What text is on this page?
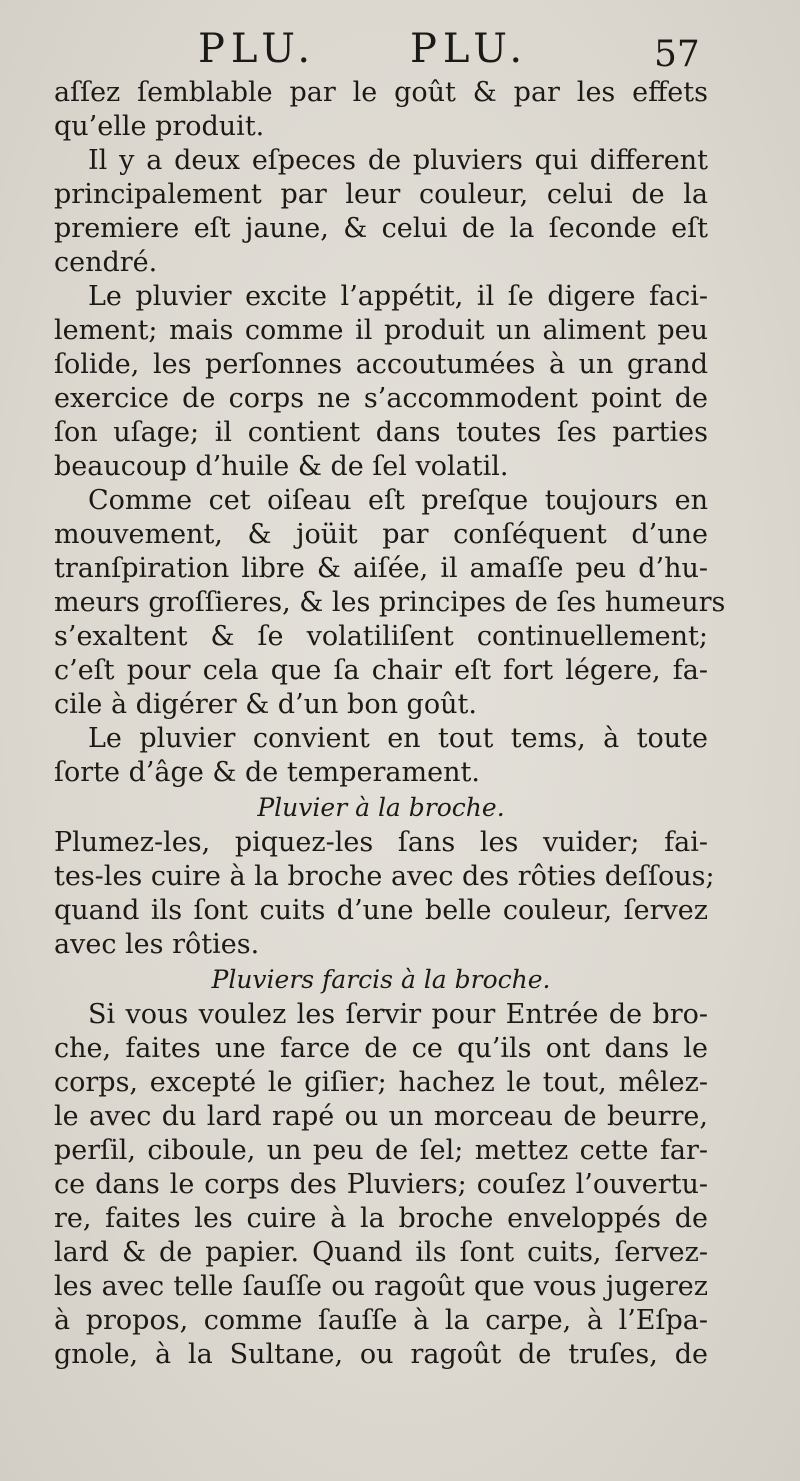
PLU. PLU.	57
aſſez ſemblable par le goût & par les effets
qu’elle produit.
Il y a deux eſpeces de pluviers qui different
principalement par leur couleur, celui de la
premiere eſt jaune, & celui de la ſeconde eſt
cendré.
Le pluvier excite l’appétit, il ſe digere faci-
lement; mais comme il produit un aliment peu
ſolide, les perſonnes accoutumées à un grand
exercice de corps ne s’accommodent point de
ſon uſage; il contient dans toutes ſes parties
beaucoup d’huile & de ſel volatil.
Comme cet oiſeau eſt preſque toujours en
mouvement, & joüit par conſéquent d’une
tranſpiration libre & aiſée, il amaſſe peu d’hu-
meurs groſſieres, & les principes de ſes humeurs
s’exaltent & ſe volatiliſent continuellement;
c’eſt pour cela que ſa chair eſt fort légere, fa-
cile à digérer & d’un bon goût.
Le pluvier convient en tout tems, à toute
ſorte d’âge & de temperament.
Pluvier à la broche.
Plumez-les, piquez-les ſans les vuider; fai-
tes-les cuire à la broche avec des rôties deſſous;
quand ils ſont cuits d’une belle couleur, ſervez
avec les rôties.
Pluviers farcis à la broche.
Si vous voulez les ſervir pour Entrée de bro-
che, faites une farce de ce qu’ils ont dans le
corps, excepté le giſier; hachez le tout, mêlez-
le avec du lard rapé ou un morceau de beurre,
perſil, ciboule, un peu de ſel; mettez cette far-
ce dans le corps des Pluviers; couſez l’ouvertu-
re, faites les cuire à la broche enveloppés de
lard & de papier. Quand ils ſont cuits, ſervez-
les avec telle ſauſſe ou ragoût que vous jugerez
à propos, comme ſauſſe à la carpe, à l’Eſpa-
gnole, à la Sultane, ou ragoût de truſes, de
